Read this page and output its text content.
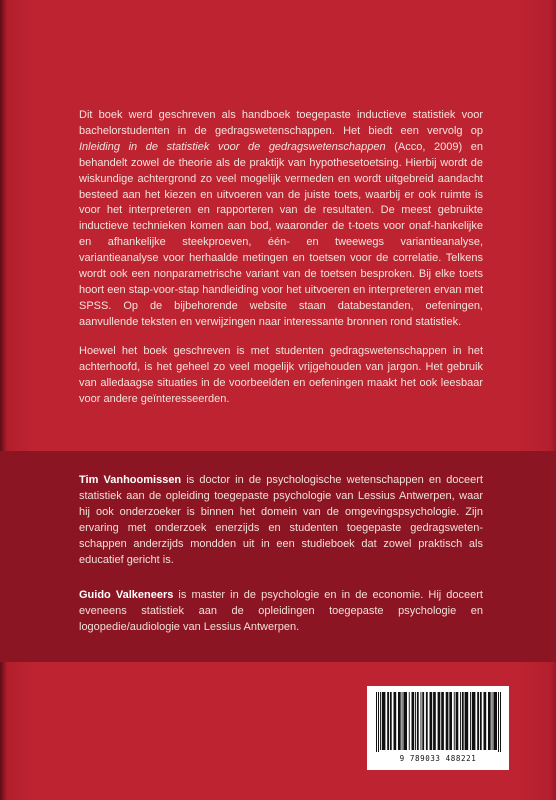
Dit boek werd geschreven als handboek toegepaste inductieve statistiek voor bachelorstudenten in de gedragswetenschappen. Het biedt een vervolg op Inleiding in de statistiek voor de gedragswetenschappen (Acco, 2009) en behandelt zowel de theorie als de praktijk van hypothesetoetsing. Hierbij wordt de wiskundige achtergrond zo veel mogelijk vermeden en wordt uitgebreid aandacht besteed aan het kiezen en uitvoeren van de juiste toets, waarbij er ook ruimte is voor het interpreteren en rapporteren van de resultaten. De meest gebruikte inductieve technieken komen aan bod, waaronder de t-toets voor onaf-hankelijke en afhankelijke steekproeven, één- en tweewegs variantieanalyse, variantieanalyse voor herhaalde metingen en toetsen voor de correlatie. Telkens wordt ook een nonparametrische variant van de toetsen besproken. Bij elke toets hoort een stap-voor-stap handleiding voor het uitvoeren en interpreteren ervan met SPSS. Op de bijbehorende website staan databestanden, oefeningen, aanvullende teksten en verwijzingen naar interessante bronnen rond statistiek.

Hoewel het boek geschreven is met studenten gedragswetenschappen in het achterhoofd, is het geheel zo veel mogelijk vrijgehouden van jargon. Het gebruik van alledaagse situaties in de voorbeelden en oefeningen maakt het ook leesbaar voor andere geïnteresseerden.

Tim Vanhoomissen is doctor in de psychologische wetenschappen en doceert statistiek aan de opleiding toegepaste psychologie van Lessius Antwerpen, waar hij ook onderzoeker is binnen het domein van de omgevingspsychologie. Zijn ervaring met onderzoek enerzijds en studenten toegepaste gedragsweten-schappen anderzijds mondden uit in een studieboek dat zowel praktisch als educatief gericht is.

Guido Valkeneers is master in de psychologie en in de economie. Hij doceert eveneens statistiek aan de opleidingen toegepaste psychologie en logopedie/audiologie van Lessius Antwerpen.

9 789033 488221
